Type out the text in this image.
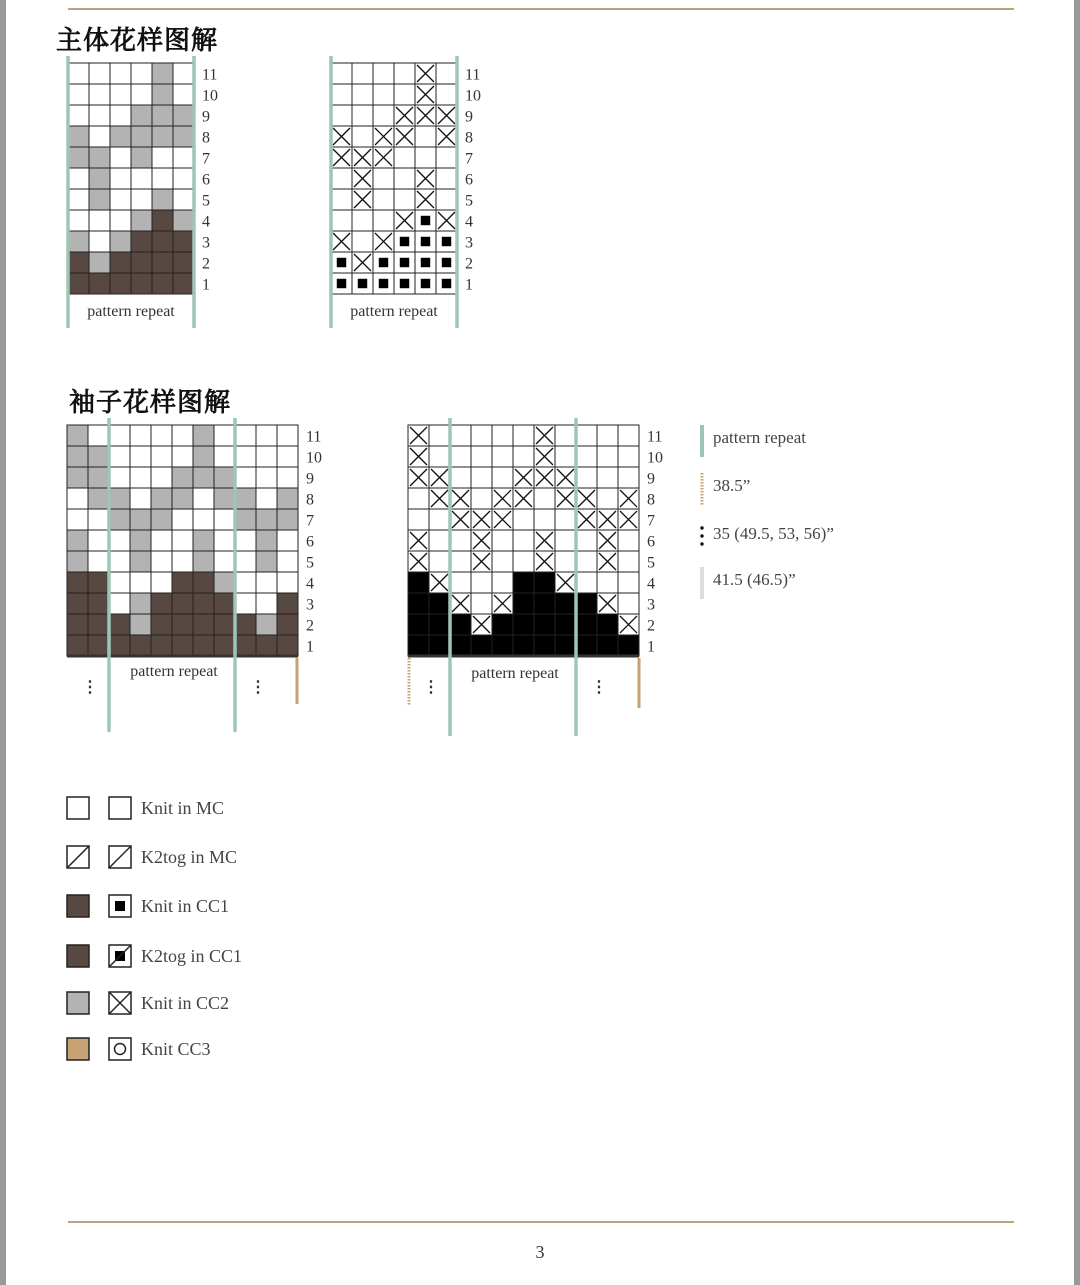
主体花样图解
11
10
9
8
7
6
5
4
3
2
1
pattern repeat
11
10
9
8
7
6
5
4
3
2
1
pattern repeat
袖子花样图解
11
10
9
8
7
6
5
4
3
2
1
⋮	⋮
pattern repeat
11
10
9
8
7
6
5
4
3
2
1
⋮	⋮
pattern repeat
pattern repeat
38.5”
35 (49.5, 53, 56)”
41.5 (46.5)”
Knit in MC
K2tog in MC
Knit in CC1
K2tog in CC1
Knit in CC2
Knit CC3
3
